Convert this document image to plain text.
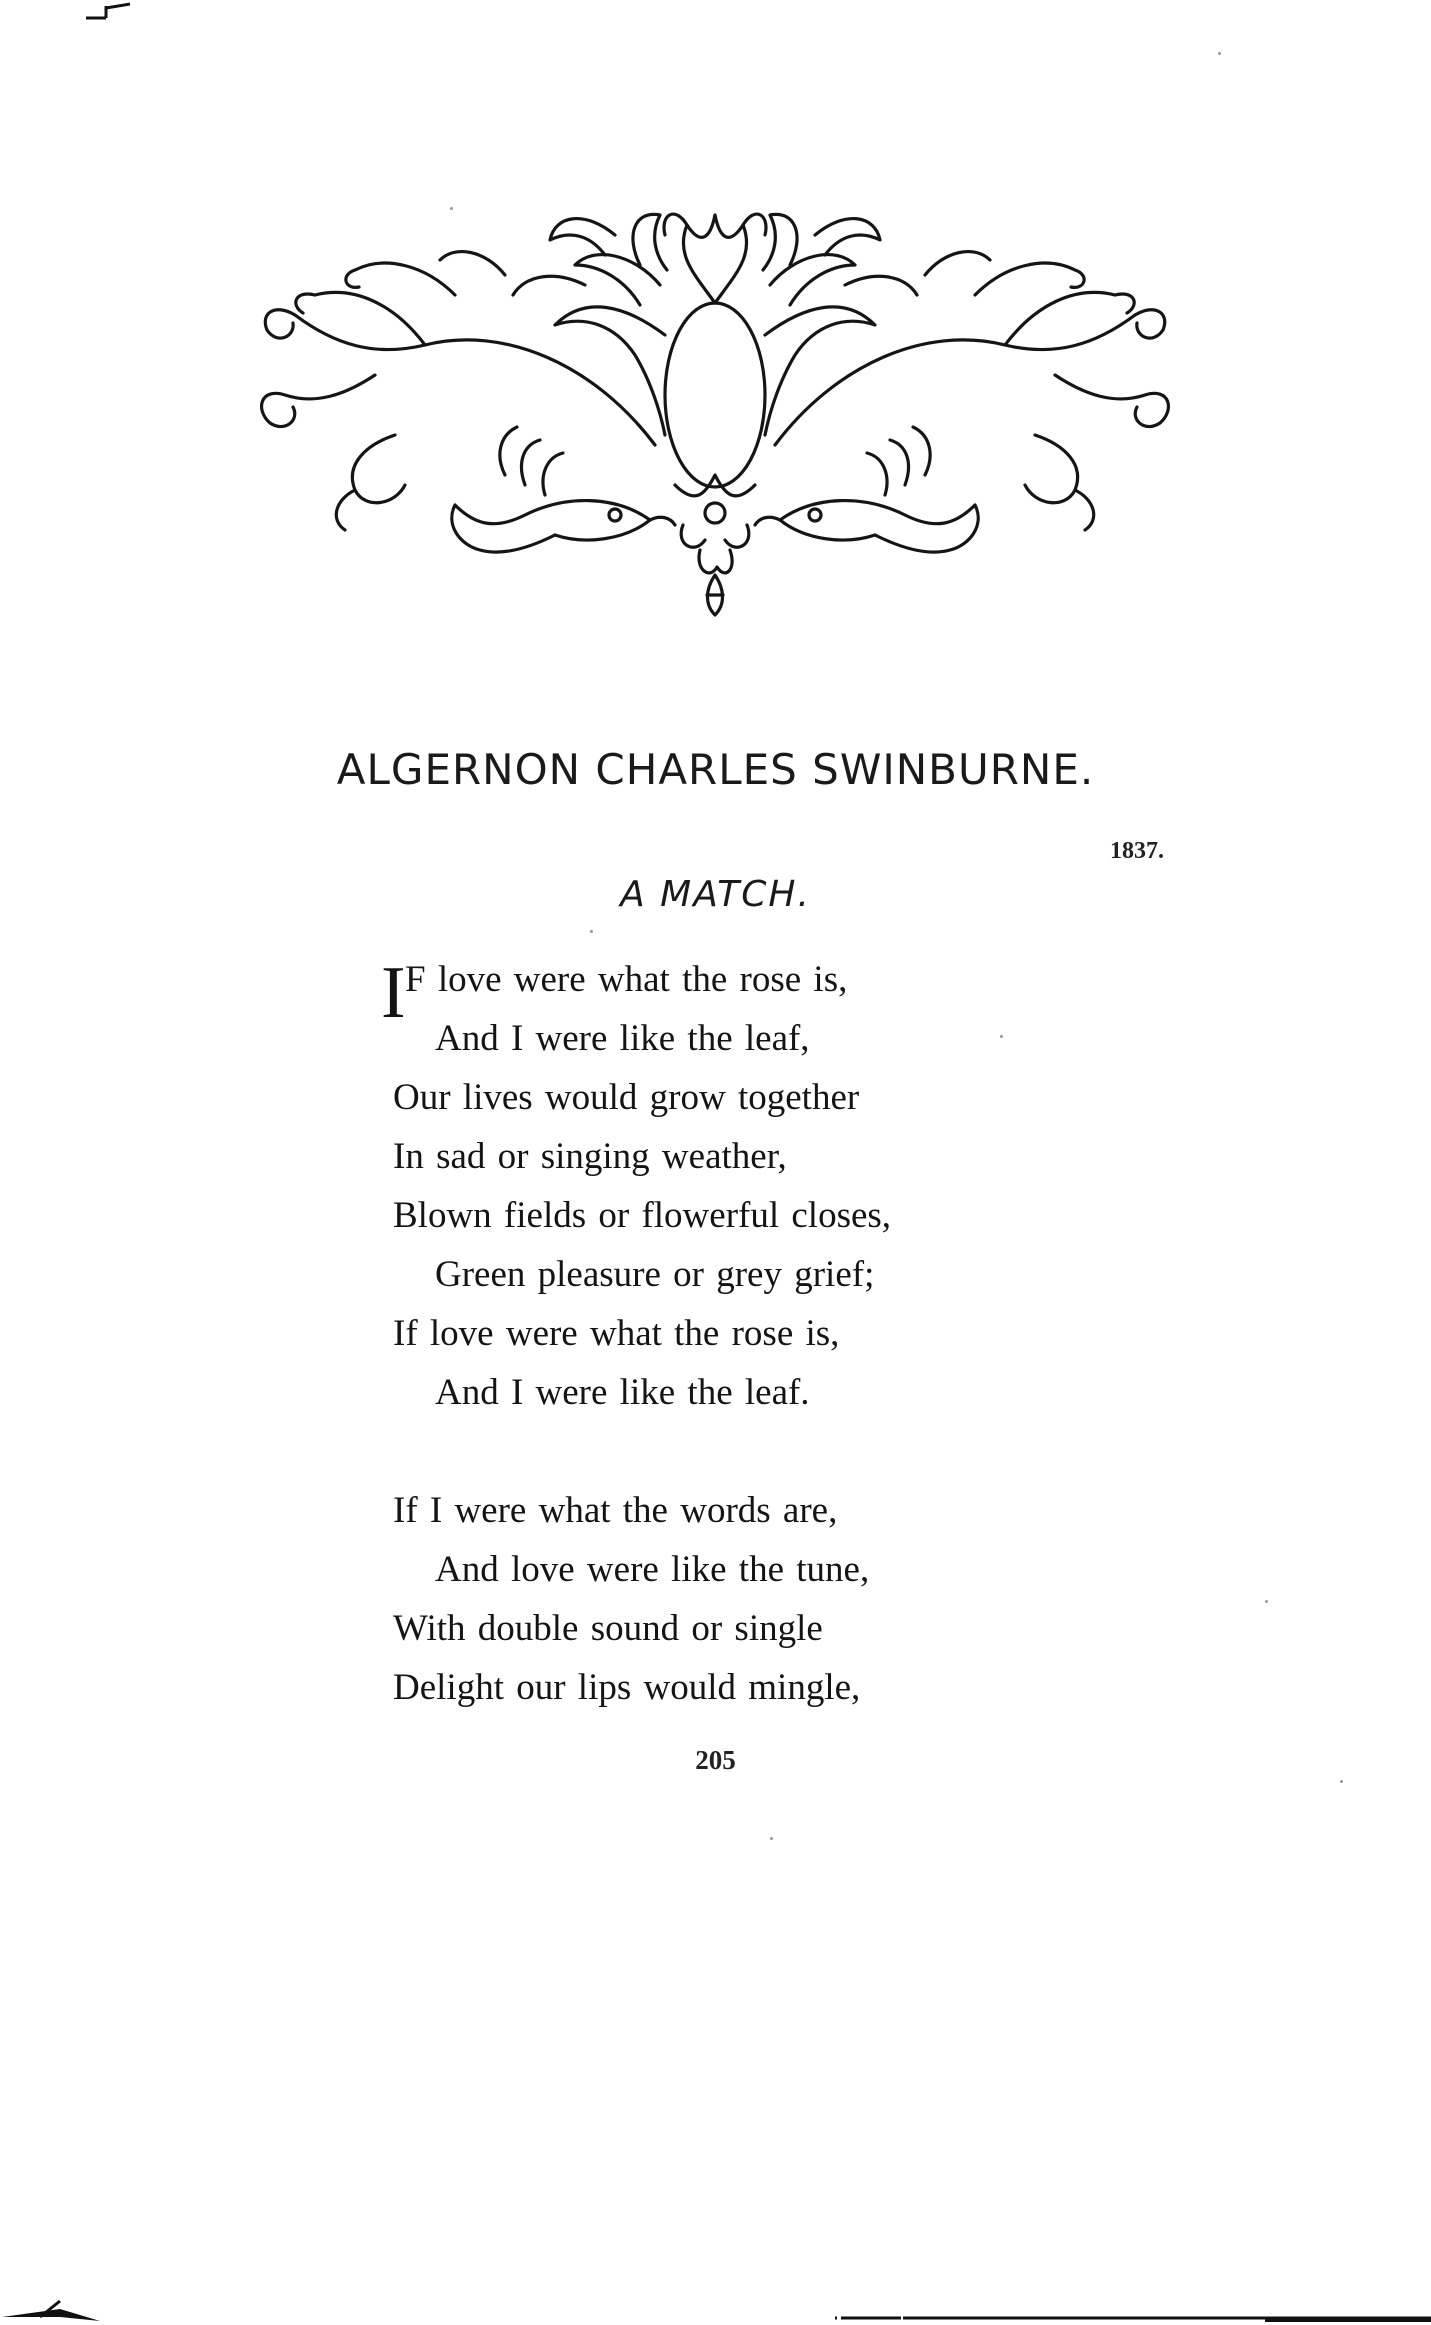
ALGERNON CHARLES SWINBURNE.
1837.
A MATCH.
I F love were what the rose is,
And I were like the leaf,
Our lives would grow together
In sad or singing weather,
Blown fields or flowerful closes,
Green pleasure or grey grief;
If love were what the rose is,
And I were like the leaf.
If I were what the words are,
And love were like the tune,
With double sound or single
Delight our lips would mingle,
205
